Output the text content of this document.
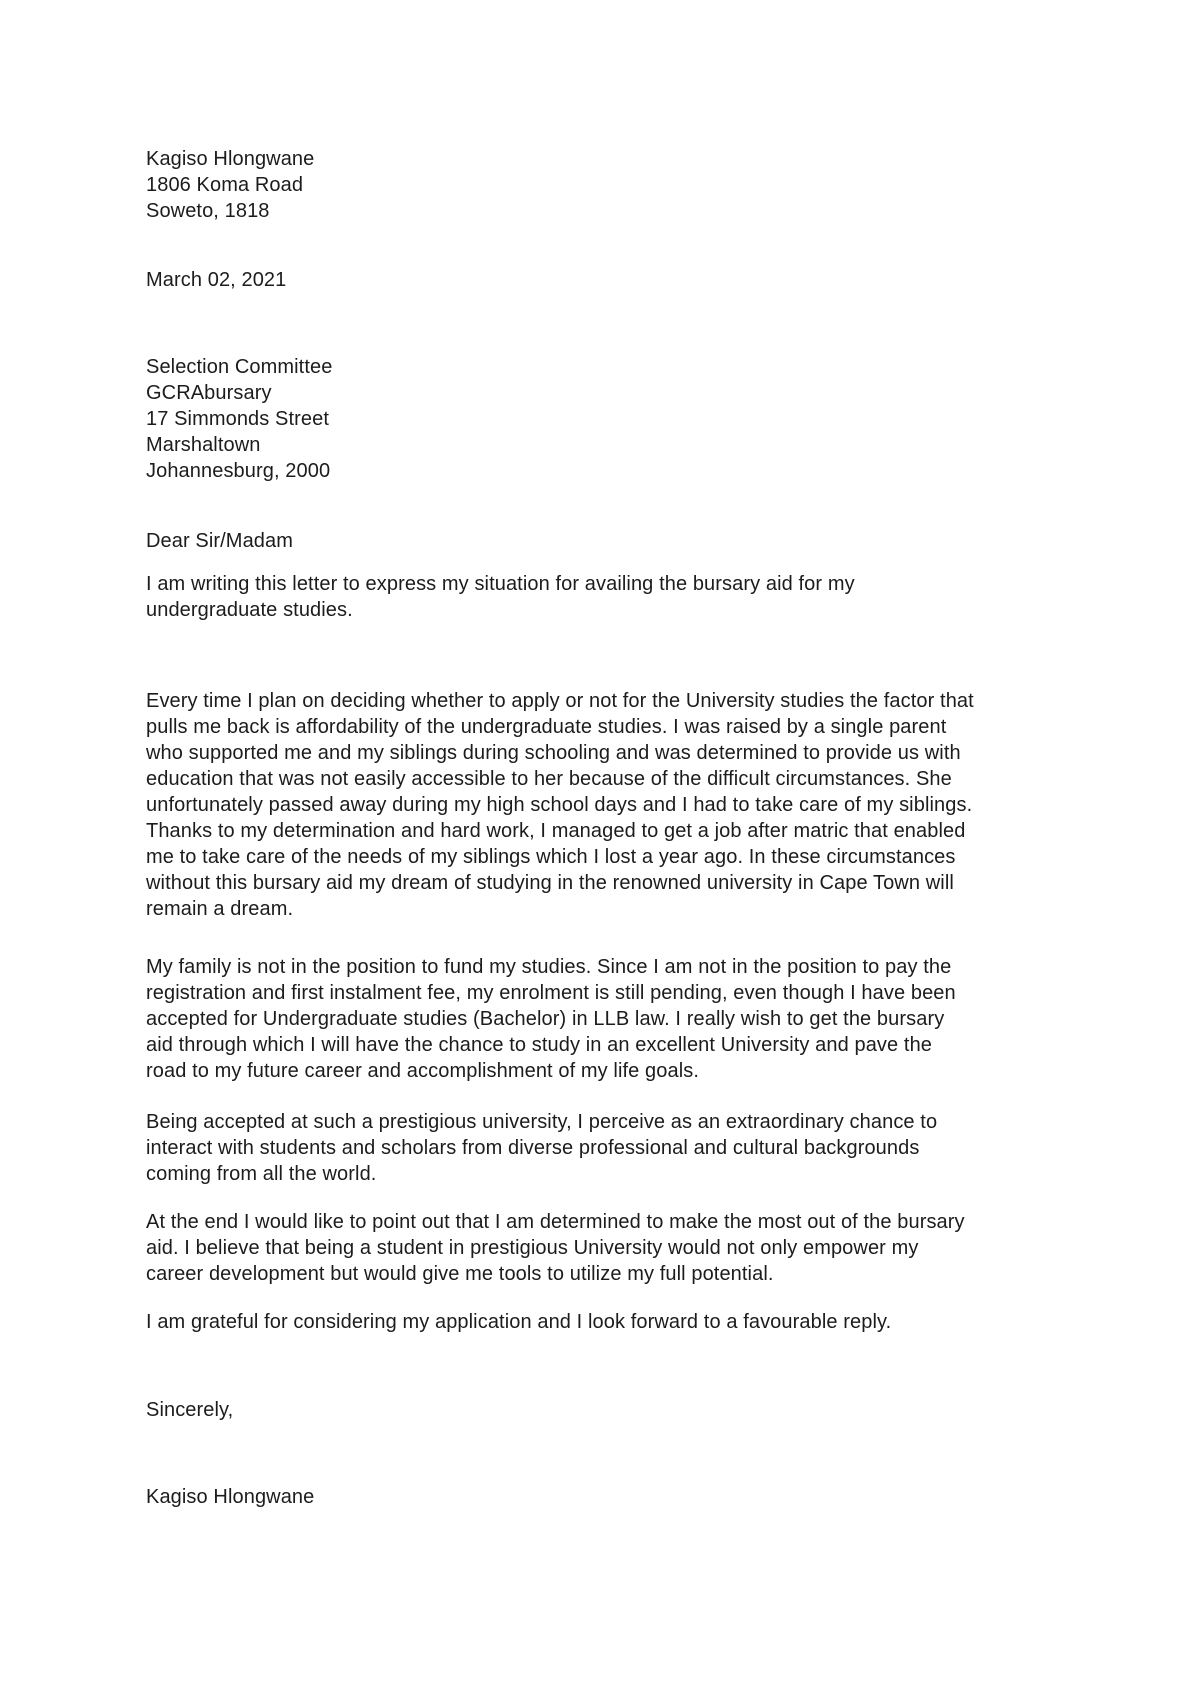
Kagiso Hlongwane
1806 Koma Road
Soweto, 1818
March 02, 2021
Selection Committee
GCRAbursary
17 Simmonds Street
Marshaltown
Johannesburg, 2000
Dear Sir/Madam
I am writing this letter to express my situation for availing the bursary aid for my
undergraduate studies.
Every time I plan on deciding whether to apply or not for the University studies the factor that
pulls me back is affordability of the undergraduate studies. I was raised by a single parent
who supported me and my siblings during schooling and was determined to provide us with
education that was not easily accessible to her because of the difficult circumstances. She
unfortunately passed away during my high school days and I had to take care of my siblings.
Thanks to my determination and hard work, I managed to get a job after matric that enabled
me to take care of the needs of my siblings which I lost a year ago. In these circumstances
without this bursary aid my dream of studying in the renowned university in Cape Town will
remain a dream.
My family is not in the position to fund my studies. Since I am not in the position to pay the
registration and first instalment fee, my enrolment is still pending, even though I have been
accepted for Undergraduate studies (Bachelor) in LLB law. I really wish to get the bursary
aid through which I will have the chance to study in an excellent University and pave the
road to my future career and accomplishment of my life goals.
Being accepted at such a prestigious university, I perceive as an extraordinary chance to
interact with students and scholars from diverse professional and cultural backgrounds
coming from all the world.
At the end I would like to point out that I am determined to make the most out of the bursary
aid. I believe that being a student in prestigious University would not only empower my
career development but would give me tools to utilize my full potential.
I am grateful for considering my application and I look forward to a favourable reply.
Sincerely,
Kagiso Hlongwane
